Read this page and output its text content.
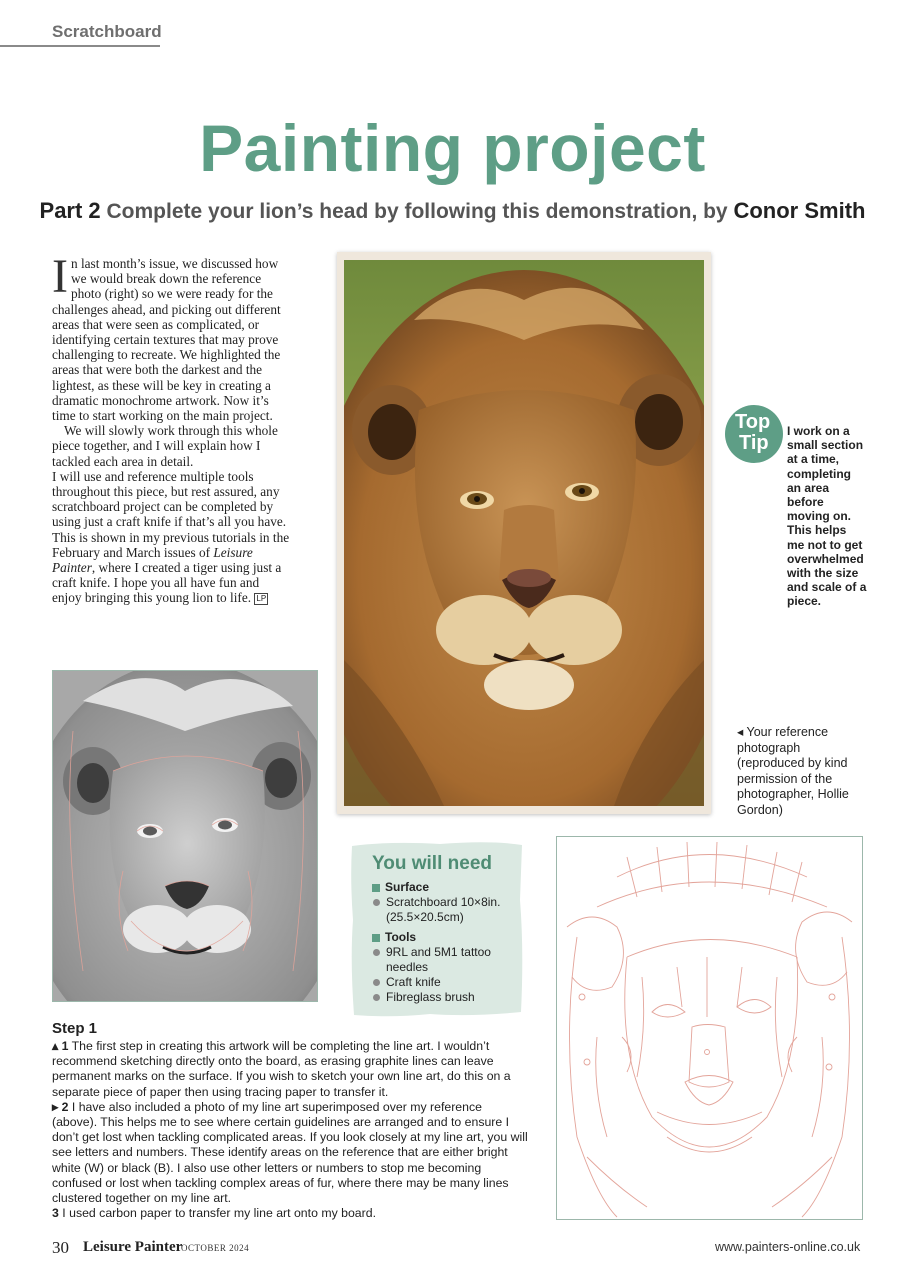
Scratchboard
Painting project
Part 2 Complete your lion’s head by following this demonstration, by Conor Smith

In last month’s issue, we discussed how we would break down the reference photo (right) so we were ready for the challenges ahead, and picking out different areas that were seen as complicated, or identifying certain textures that may prove challenging to recreate. We highlighted the areas that were both the darkest and the lightest, as these will be key in creating a dramatic monochrome artwork. Now it’s time to start working on the main project.

We will slowly work through this whole piece together, and I will explain how I tackled each area in detail.

I will use and reference multiple tools throughout this piece, but rest assured, any scratchboard project can be completed by using just a craft knife if that’s all you have. This is shown in my previous tutorials in the February and March issues of Leisure Painter, where I created a tiger using just a craft knife. I hope you all have fun and enjoy bringing this young lion to life. LP

Top
Tip
I work on a small section at a time, completing an area before moving on. This helps me not to get overwhelmed with the size and scale of a piece.
◂ Your reference photograph (reproduced by kind permission of the photographer, Hollie Gordon)
You will need
Surface
Scratchboard 10×8in. (25.5×20.5cm)
Tools
9RL and 5M1 tattoo needles
Craft knife
Fibreglass brush
Step 1

▴ 1 The first step in creating this artwork will be completing the line art. I wouldn’t recommend sketching directly onto the board, as erasing graphite lines can leave permanent marks on the surface. If you wish to sketch your own line art, do this on a separate piece of paper then using tracing paper to transfer it.

▸ 2 I have also included a photo of my line art superimposed over my reference (above). This helps me to see where certain guidelines are arranged and to ensure I don’t get lost when tackling complicated areas. If you look closely at my line art, you will see letters and numbers. These identify areas on the reference that are either bright white (W) or black (B). I also use other letters or numbers to stop me becoming confused or lost when tackling complex areas of fur, where there may be many lines clustered together on my line art.

3 I used carbon paper to transfer my line art onto my board.

30 Leisure Painter
OCTOBER 2024	www.painters-online.co.uk
